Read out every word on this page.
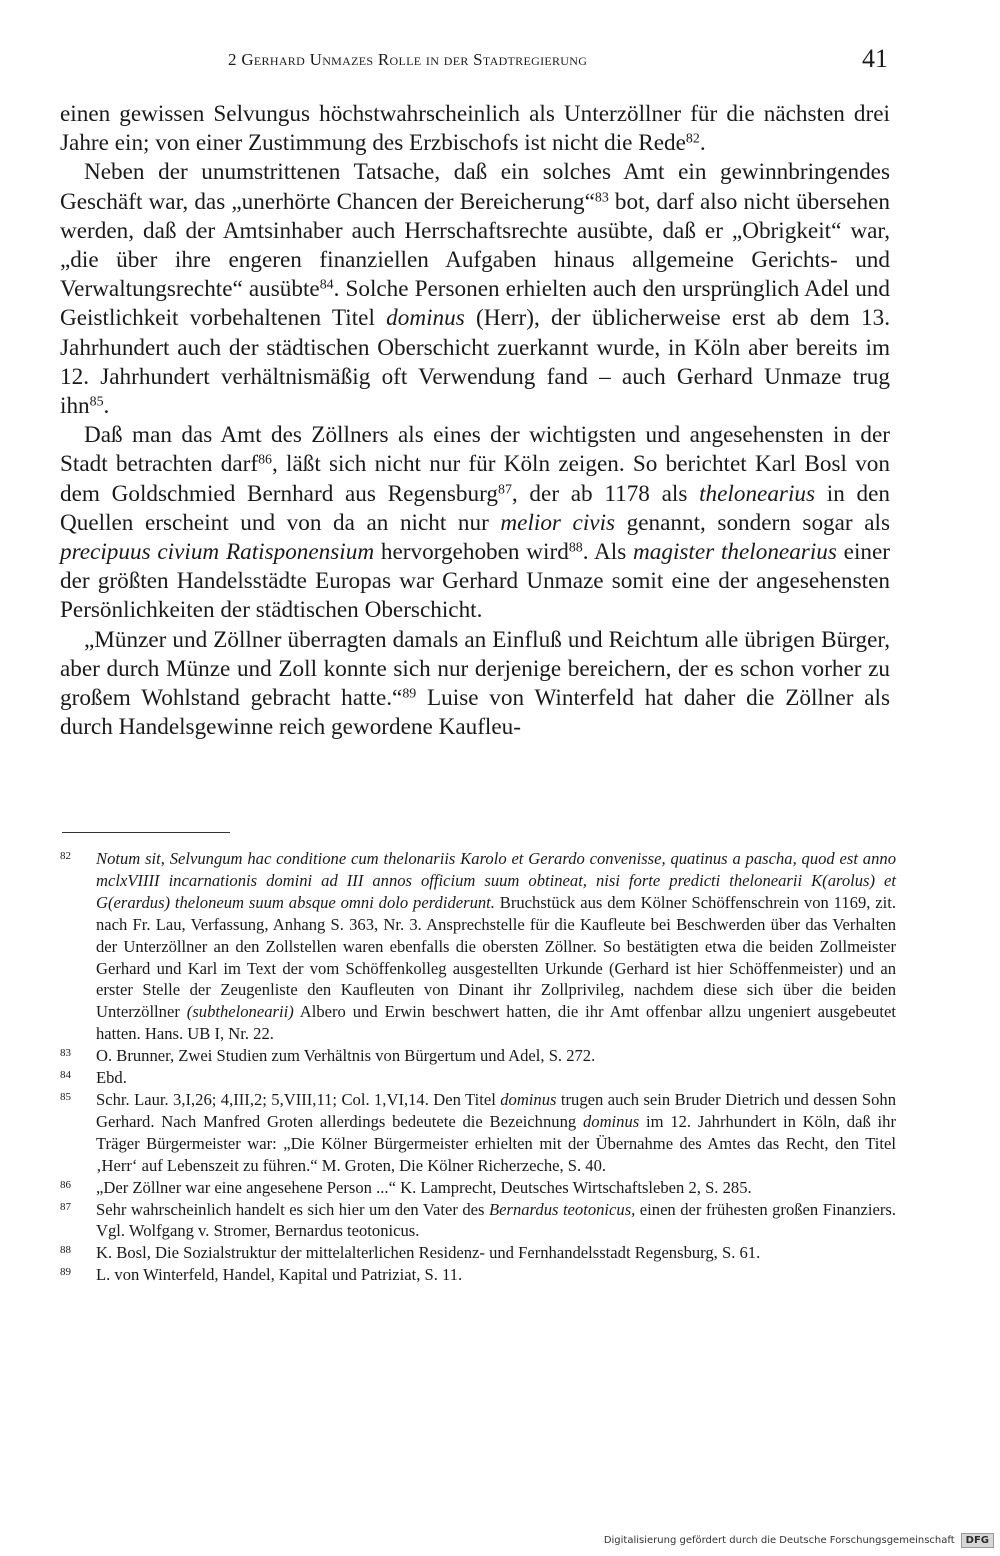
2 Gerhard Unmazes Rolle in der Stadtregierung	41

einen gewissen Selvungus höchstwahrscheinlich als Unterzöllner für die nächsten drei Jahre ein; von einer Zustimmung des Erzbischofs ist nicht die Rede$^{82}$.

Neben der unumstrittenen Tatsache, daß ein solches Amt ein gewinnbringendes Geschäft war, das „unerhörte Chancen der Bereicherung“$^{83}$ bot, darf also nicht übersehen werden, daß der Amtsinhaber auch Herrschaftsrechte ausübte, daß er „Obrigkeit“ war, „die über ihre engeren finanziellen Aufgaben hinaus allgemeine Gerichts- und Verwaltungsrechte“ ausübte$^{84}$. Solche Personen erhielten auch den ursprünglich Adel und Geistlichkeit vorbehaltenen Titel dominus (Herr), der üblicherweise erst ab dem 13. Jahrhundert auch der städtischen Oberschicht zuerkannt wurde, in Köln aber bereits im 12. Jahrhundert verhältnismäßig oft Verwendung fand – auch Gerhard Unmaze trug ihn$^{85}$.

Daß man das Amt des Zöllners als eines der wichtigsten und angesehensten in der Stadt betrachten darf$^{86}$, läßt sich nicht nur für Köln zeigen. So berichtet Karl Bosl von dem Goldschmied Bernhard aus Regensburg$^{87}$, der ab 1178 als thelonearius in den Quellen erscheint und von da an nicht nur melior civis genannt, sondern sogar als precipuus civium Ratisponensium hervorgehoben wird$^{88}$. Als magister thelonearius einer der größten Handelsstädte Europas war Gerhard Unmaze somit eine der angesehensten Persönlichkeiten der städtischen Oberschicht.

„Münzer und Zöllner überragten damals an Einfluß und Reichtum alle übrigen Bürger, aber durch Münze und Zoll konnte sich nur derjenige bereichern, der es schon vorher zu großem Wohlstand gebracht hatte.“$^{89}$ Luise von Winterfeld hat daher die Zöllner als durch Handelsgewinne reich gewordene Kaufleu-

82 Notum sit, Selvungum hac conditione cum thelonariis Karolo et Gerardo convenisse, quatinus a pascha, quod est anno mclxVIIII incarnationis domini ad III annos officium suum obtineat, nisi forte predicti thelonearii K(arolus) et G(erardus) theloneum suum absque omni dolo perdiderunt. Bruchstück aus dem Kölner Schöffenschrein von 1169, zit. nach Fr. Lau, Verfassung, Anhang S. 363, Nr. 3. Ansprechstelle für die Kaufleute bei Beschwerden über das Verhalten der Unterzöllner an den Zollstellen waren ebenfalls die obersten Zöllner. So bestätigten etwa die beiden Zollmeister Gerhard und Karl im Text der vom Schöffenkolleg ausgestellten Urkunde (Gerhard ist hier Schöffenmeister) und an erster Stelle der Zeugenliste den Kaufleuten von Dinant ihr Zollprivileg, nachdem diese sich über die beiden Unterzöllner (subthelonearii) Albero und Erwin beschwert hatten, die ihr Amt offenbar allzu ungeniert ausgebeutet hatten. Hans. UB I, Nr. 22.
83 O. Brunner, Zwei Studien zum Verhältnis von Bürgertum und Adel, S. 272.
84 Ebd.
85 Schr. Laur. 3,I,26; 4,III,2; 5,VIII,11; Col. 1,VI,14. Den Titel dominus trugen auch sein Bruder Dietrich und dessen Sohn Gerhard. Nach Manfred Groten allerdings bedeutete die Bezeichnung dominus im 12. Jahrhundert in Köln, daß ihr Träger Bürgermeister war: „Die Kölner Bürgermeister erhielten mit der Übernahme des Amtes das Recht, den Titel ‚Herr‘ auf Lebenszeit zu führen.“ M. Groten, Die Kölner Richerzeche, S. 40.
86 „Der Zöllner war eine angesehene Person ...“ K. Lamprecht, Deutsches Wirtschaftsleben 2, S. 285.
87 Sehr wahrscheinlich handelt es sich hier um den Vater des Bernardus teotonicus, einen der frühesten großen Finanziers. Vgl. Wolfgang v. Stromer, Bernardus teotonicus.
88 K. Bosl, Die Sozialstruktur der mittelalterlichen Residenz- und Fernhandelsstadt Regensburg, S. 61.
89 L. von Winterfeld, Handel, Kapital und Patriziat, S. 11.
Digitalisierung gefördert durch die Deutsche Forschungsgemeinschaft	DFG
